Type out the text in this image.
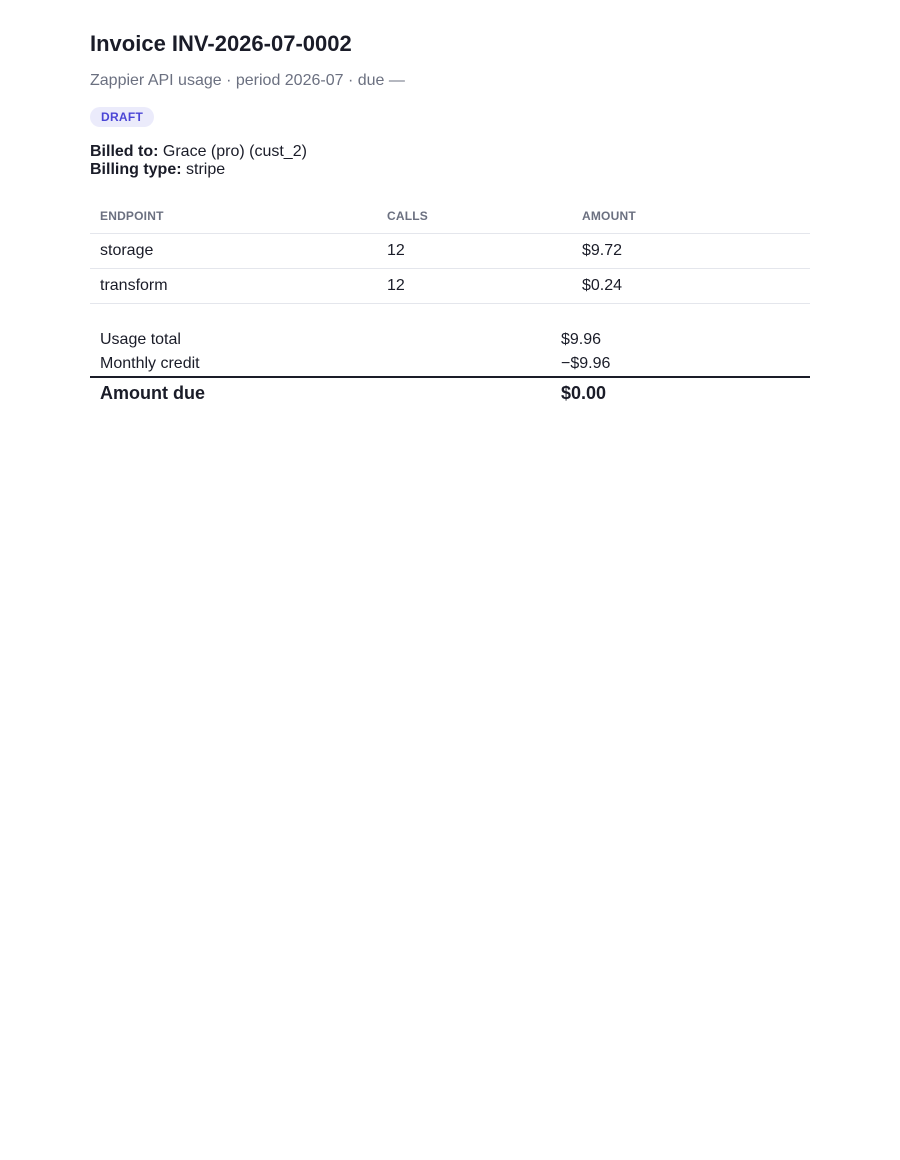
Invoice INV-2026-07-0002
Zappier API usage · period 2026-07 · due —
DRAFT
Billed to: Grace (pro) (cust_2)
Billing type: stripe
ENDPOINT	CALLS	AMOUNT
storage	12	$9.72
transform	12	$0.24
Usage total	$9.96
Monthly credit	−$9.96
Amount due	$0.00
